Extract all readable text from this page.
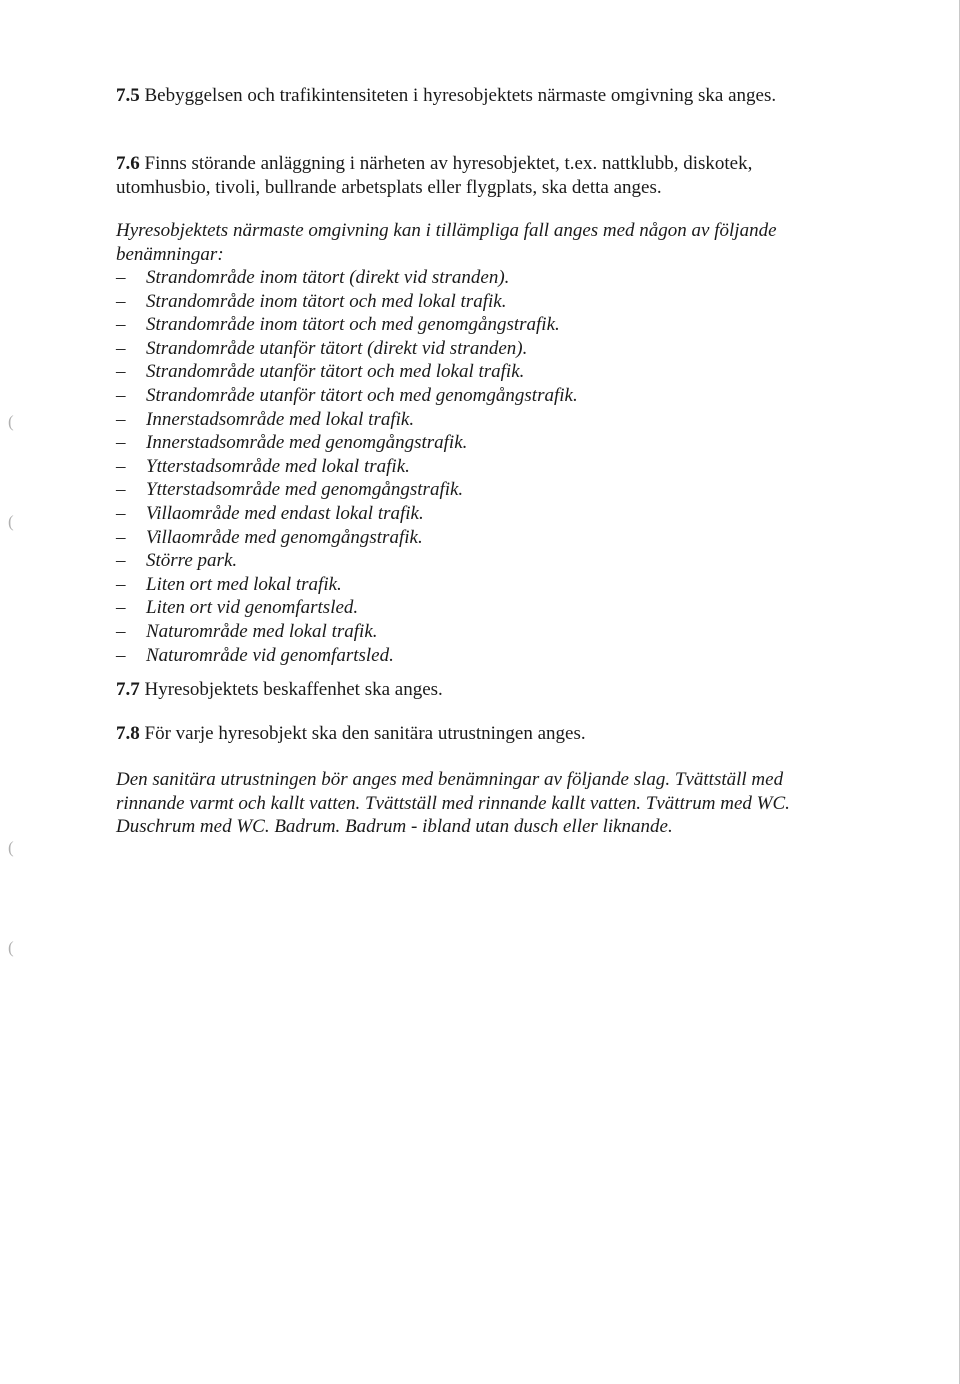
7.5 Bebyggelsen och trafikintensiteten i hyresobjektets närmaste omgivning ska anges.

7.6 Finns störande anläggning i närheten av hyresobjektet, t.ex. nattklubb, diskotek, utomhusbio, tivoli, bullrande arbetsplats eller flygplats, ska detta anges.

Hyresobjektets närmaste omgivning kan i tillämpliga fall anges med någon av följande benämningar:

– Strandområde inom tätort (direkt vid stranden).
– Strandområde inom tätort och med lokal trafik.
– Strandområde inom tätort och med genomgångstrafik.
– Strandområde utanför tätort (direkt vid stranden).
– Strandområde utanför tätort och med lokal trafik.
– Strandområde utanför tätort och med genomgångstrafik.
– Innerstadsområde med lokal trafik.
– Innerstadsområde med genomgångstrafik.
– Ytterstadsområde med lokal trafik.
– Ytterstadsområde med genomgångstrafik.
– Villaområde med endast lokal trafik.
– Villaområde med genomgångstrafik.
– Större park.
– Liten ort med lokal trafik.
– Liten ort vid genomfartsled.
– Naturområde med lokal trafik.
– Naturområde vid genomfartsled.

7.7 Hyresobjektets beskaffenhet ska anges.

7.8 För varje hyresobjekt ska den sanitära utrustningen anges.

Den sanitära utrustningen bör anges med benämningar av följande slag. Tvättställ med rinnande varmt och kallt vatten. Tvättställ med rinnande kallt vatten. Tvättrum med WC. Duschrum med WC. Badrum. Badrum - ibland utan dusch eller liknande.

(
(
(
(
